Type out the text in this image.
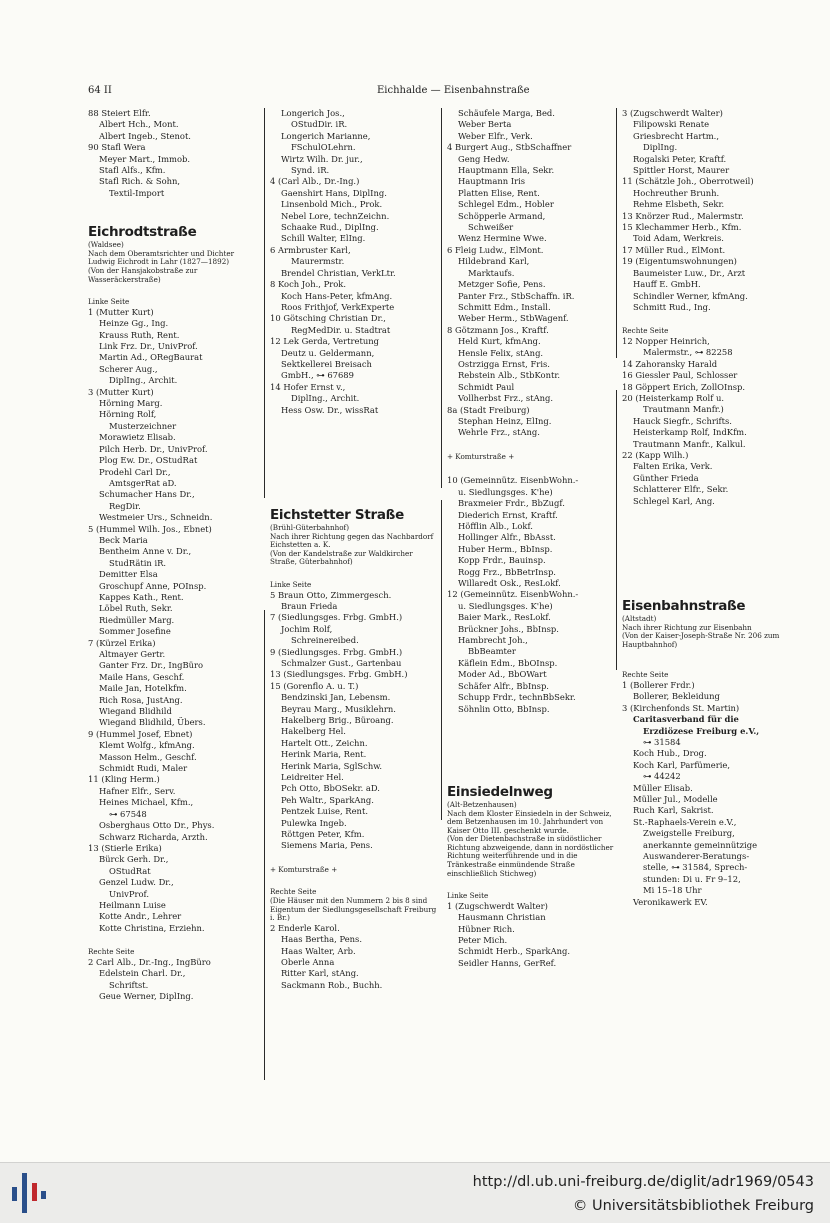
64 II	Eichhalde — Eisenbahnstraße
88 Steiert Elfr.
Albert Hch., Mont.
Albert Ingeb., Stenot.
90 Stafl Wera
Meyer Mart., Immob.
Stafl Alfs., Kfm.
Stafl Rich. & Sohn,
Textil-Import
Eichrodtstraße
(Waldsee)
Nach dem Oberamtsrichter und Dichter Ludwig Eichrodt in Lahr (1827—1892)
(Von der Hansjakobstraße zur Wasseräckerstraße)
Linke Seite
1 (Mutter Kurt)
Heinze Gg., Ing.
Krauss Ruth, Rent.
Link Frz. Dr., UnivProf.
Martin Ad., ORegBaurat
Scherer Aug.,
DiplIng., Archit.
3 (Mutter Kurt)
Hörning Marg.
Hörning Rolf,
Musterzeichner
Morawietz Elisab.
Pilch Herb. Dr., UnivProf.
Plog Ew. Dr., OStudRat
Prodehl Carl Dr.,
AmtsgerRat aD.
Schumacher Hans Dr.,
RegDir.
Westmeier Urs., Schneidn.
5 (Hummel Wilh. Jos., Ebnet)
Beck Maria
Bentheim Anne v. Dr.,
StudRätin iR.
Demitter Elsa
Groschupf Anne, POInsp.
Kappes Kath., Rent.
Löbel Ruth, Sekr.
Riedmüller Marg.
Sommer Josefine
7 (Kürzel Erika)
Altmayer Gertr.
Ganter Frz. Dr., IngBüro
Maile Hans, Geschf.
Maile Jan, Hotelkfm.
Rich Rosa, JustAng.
Wiegand Blidhild
Wiegand Blidhild, Übers.
9 (Hummel Josef, Ebnet)
Klemt Wolfg., kfmAng.
Masson Helm., Geschf.
Schmidt Rudi, Maler
11 (Kling Herm.)
Hafner Elfr., Serv.
Heines Michael, Kfm.,
⊶ 67548
Osberghaus Otto Dr., Phys.
Schwarz Richarda, Arzth.
13 (Stierle Erika)
Bürck Gerh. Dr.,
OStudRat
Genzel Ludw. Dr.,
UnivProf.
Heilmann Luise
Kotte Andr., Lehrer
Kotte Christina, Erziehn.
Rechte Seite
2 Carl Alb., Dr.-Ing., IngBüro
Edelstein Charl. Dr.,
Schriftst.
Geue Werner, DiplIng.
Longerich Jos.,
OStudDir. iR.
Longerich Marianne,
FSchulOLehrn.
Wirtz Wilh. Dr. jur.,
Synd. iR.
4 (Carl Alb., Dr.-Ing.)
Gaenshirt Hans, DiplIng.
Linsenbold Mich., Prok.
Nebel Lore, technZeichn.
Schaake Rud., DiplIng.
Schill Walter, ElIng.
6 Armbruster Karl,
Maurermstr.
Brendel Christian, VerkLtr.
8 Koch Joh., Prok.
Koch Hans-Peter, kfmAng.
Roos Frithjof, VerkExperte
10 Götsching Christian Dr.,
RegMedDir. u. Stadtrat
12 Lek Gerda, Vertretung
Deutz u. Geldermann,
Sektkellerei Breisach
GmbH., ⊶ 67689
14 Hofer Ernst v.,
DiplIng., Archit.
Hess Osw. Dr., wissRat
Eichstetter Straße
(Brühl-Güterbahnhof)
Nach ihrer Richtung gegen das Nachbardorf Eichstetten a. K.
(Von der Kandelstraße zur Waldkircher Straße, Güterbahnhof)
Linke Seite
5 Braun Otto, Zimmergesch.
Braun Frieda
7 (Siedlungsges. Frbg. GmbH.)
Jochim Rolf,
Schreinereibed.
9 (Siedlungsges. Frbg. GmbH.)
Schmalzer Gust., Gartenbau
13 (Siedlungsges. Frbg. GmbH.)
15 (Gorenflo A. u. T.)
Bendzinski Jan, Lebensm.
Beyrau Marg., Musiklehrn.
Hakelberg Brig., Büroang.
Hakelberg Hel.
Hartelt Ott., Zeichn.
Herink Maria, Rent.
Herink Maria, SglSchw.
Leidreiter Hel.
Pch Otto, BbOSekr. aD.
Peh Waltr., SparkAng.
Pentzek Luise, Rent.
Pulewka Ingeb.
Röttgen Peter, Kfm.
Siemens Maria, Pens.
+ Komturstraße +
Rechte Seite
(Die Häuser mit den Nummern 2 bis 8 sind Eigentum der Siedlungsgesellschaft Freiburg i. Br.)
2 Enderle Karol.
Haas Bertha, Pens.
Haas Walter, Arb.
Oberle Anna
Ritter Karl, stAng.
Sackmann Rob., Buchh.
Schäufele Marga, Bed.
Weber Berta
Weber Elfr., Verk.
4 Burgert Aug., StbSchaffner
Geng Hedw.
Hauptmann Ella, Sekr.
Hauptmann Iris
Platten Elise, Rent.
Schlegel Edm., Hobler
Schöpperle Armand,
Schweißer
Wenz Hermine Wwe.
6 Fleig Ludw., ElMont.
Hildebrand Karl,
Marktaufs.
Metzger Sofie, Pens.
Panter Frz., StbSchaffn. iR.
Schmitt Edm., Install.
Weber Herm., StbWagenf.
8 Götzmann Jos., Kraftf.
Held Kurt, kfmAng.
Hensle Felix, stAng.
Ostrzigga Ernst, Fris.
Rebstein Alb., StbKontr.
Schmidt Paul
Vollherbst Frz., stAng.
8a (Stadt Freiburg)
Stephan Heinz, ElIng.
Wehrle Frz., stAng.
+ Komturstraße +
10 (Gemeinnütz. EisenbWohn.-
u. Siedlungsges. K'he)
Braxmeier Frdr., BbZugf.
Diederich Ernst, Kraftf.
Höfflin Alb., Lokf.
Hollinger Alfr., BbAsst.
Huber Herm., BbInsp.
Kopp Frdr., Bauinsp.
Rogg Frz., BbBetrInsp.
Willaredt Osk., ResLokf.
12 (Gemeinnütz. EisenbWohn.-
u. Siedlungsges. K'he)
Baier Mark., ResLokf.
Brückner Johs., BbInsp.
Hambrecht Joh.,
BbBeamter
Käflein Edm., BbOInsp.
Moder Ad., BbOWart
Schäfer Alfr., BbInsp.
Schupp Frdr., technBbSekr.
Söhnlin Otto, BbInsp.
Einsiedelnweg
(Alt-Betzenhausen)
Nach dem Kloster Einsiedeln in der Schweiz, dem Betzenhausen im 10. Jahrhundert von Kaiser Otto III. geschenkt wurde.
(Von der Dietenbachstraße in südöstlicher Richtung abzweigende, dann in nordöstlicher Richtung weiterführende und in die Tränkestraße einmündende Straße einschließlich Stichweg)
Linke Seite
1 (Zugschwerdt Walter)
Hausmann Christian
Hübner Rich.
Peter Mich.
Schmidt Herb., SparkAng.
Seidler Hanns, GerRef.
3 (Zugschwerdt Walter)
Filipowski Renate
Griesbrecht Hartm.,
DiplIng.
Rogalski Peter, Kraftf.
Spittler Horst, Maurer
11 (Schätzle Joh., Oberrotweil)
Hochreuther Brunh.
Rehme Elsbeth, Sekr.
13 Knörzer Rud., Malermstr.
15 Klechammer Herb., Kfm.
Toid Adam, Werkreis.
17 Müller Rud., ElMont.
19 (Eigentumswohnungen)
Baumeister Luw., Dr., Arzt
Hauff E. GmbH.
Schindler Werner, kfmAng.
Schmitt Rud., Ing.
Rechte Seite
12 Nopper Heinrich,
Malermstr., ⊶ 82258
14 Zahoransky Harald
16 Giessler Paul, Schlosser
18 Göppert Erich, ZollOInsp.
20 (Heisterkamp Rolf u.
Trautmann Manfr.)
Hauck Siegfr., Schrifts.
Heisterkamp Rolf, IndKfm.
Trautmann Manfr., Kalkul.
22 (Kapp Wilh.)
Falten Erika, Verk.
Günther Frieda
Schlatterer Elfr., Sekr.
Schlegel Karl, Ang.
Eisenbahnstraße
(Altstadt)
Nach ihrer Richtung zur Eisenbahn
(Von der Kaiser-Joseph-Straße Nr. 206 zum Hauptbahnhof)
Rechte Seite
1 (Bollerer Frdr.)
Bollerer, Bekleidung
3 (Kirchenfonds St. Martin)
Caritasverband für die
Erzdiözese Freiburg e.V.,
⊶ 31584
Koch Hub., Drog.
Koch Karl, Parfümerie,
⊶ 44242
Müller Elisab.
Müller Jul., Modelle
Ruch Karl, Sakrist.
St.-Raphaels-Verein e.V.,
Zweigstelle Freiburg,
anerkannte gemeinnützige
Auswanderer-Beratungs-
stelle, ⊶ 31584, Sprech-
stunden: Di u. Fr 9–12,
Mi 15–18 Uhr
Veronikawerk EV.
http://dl.ub.uni-freiburg.de/diglit/adr1969/0543
© Universitätsbibliothek Freiburg
